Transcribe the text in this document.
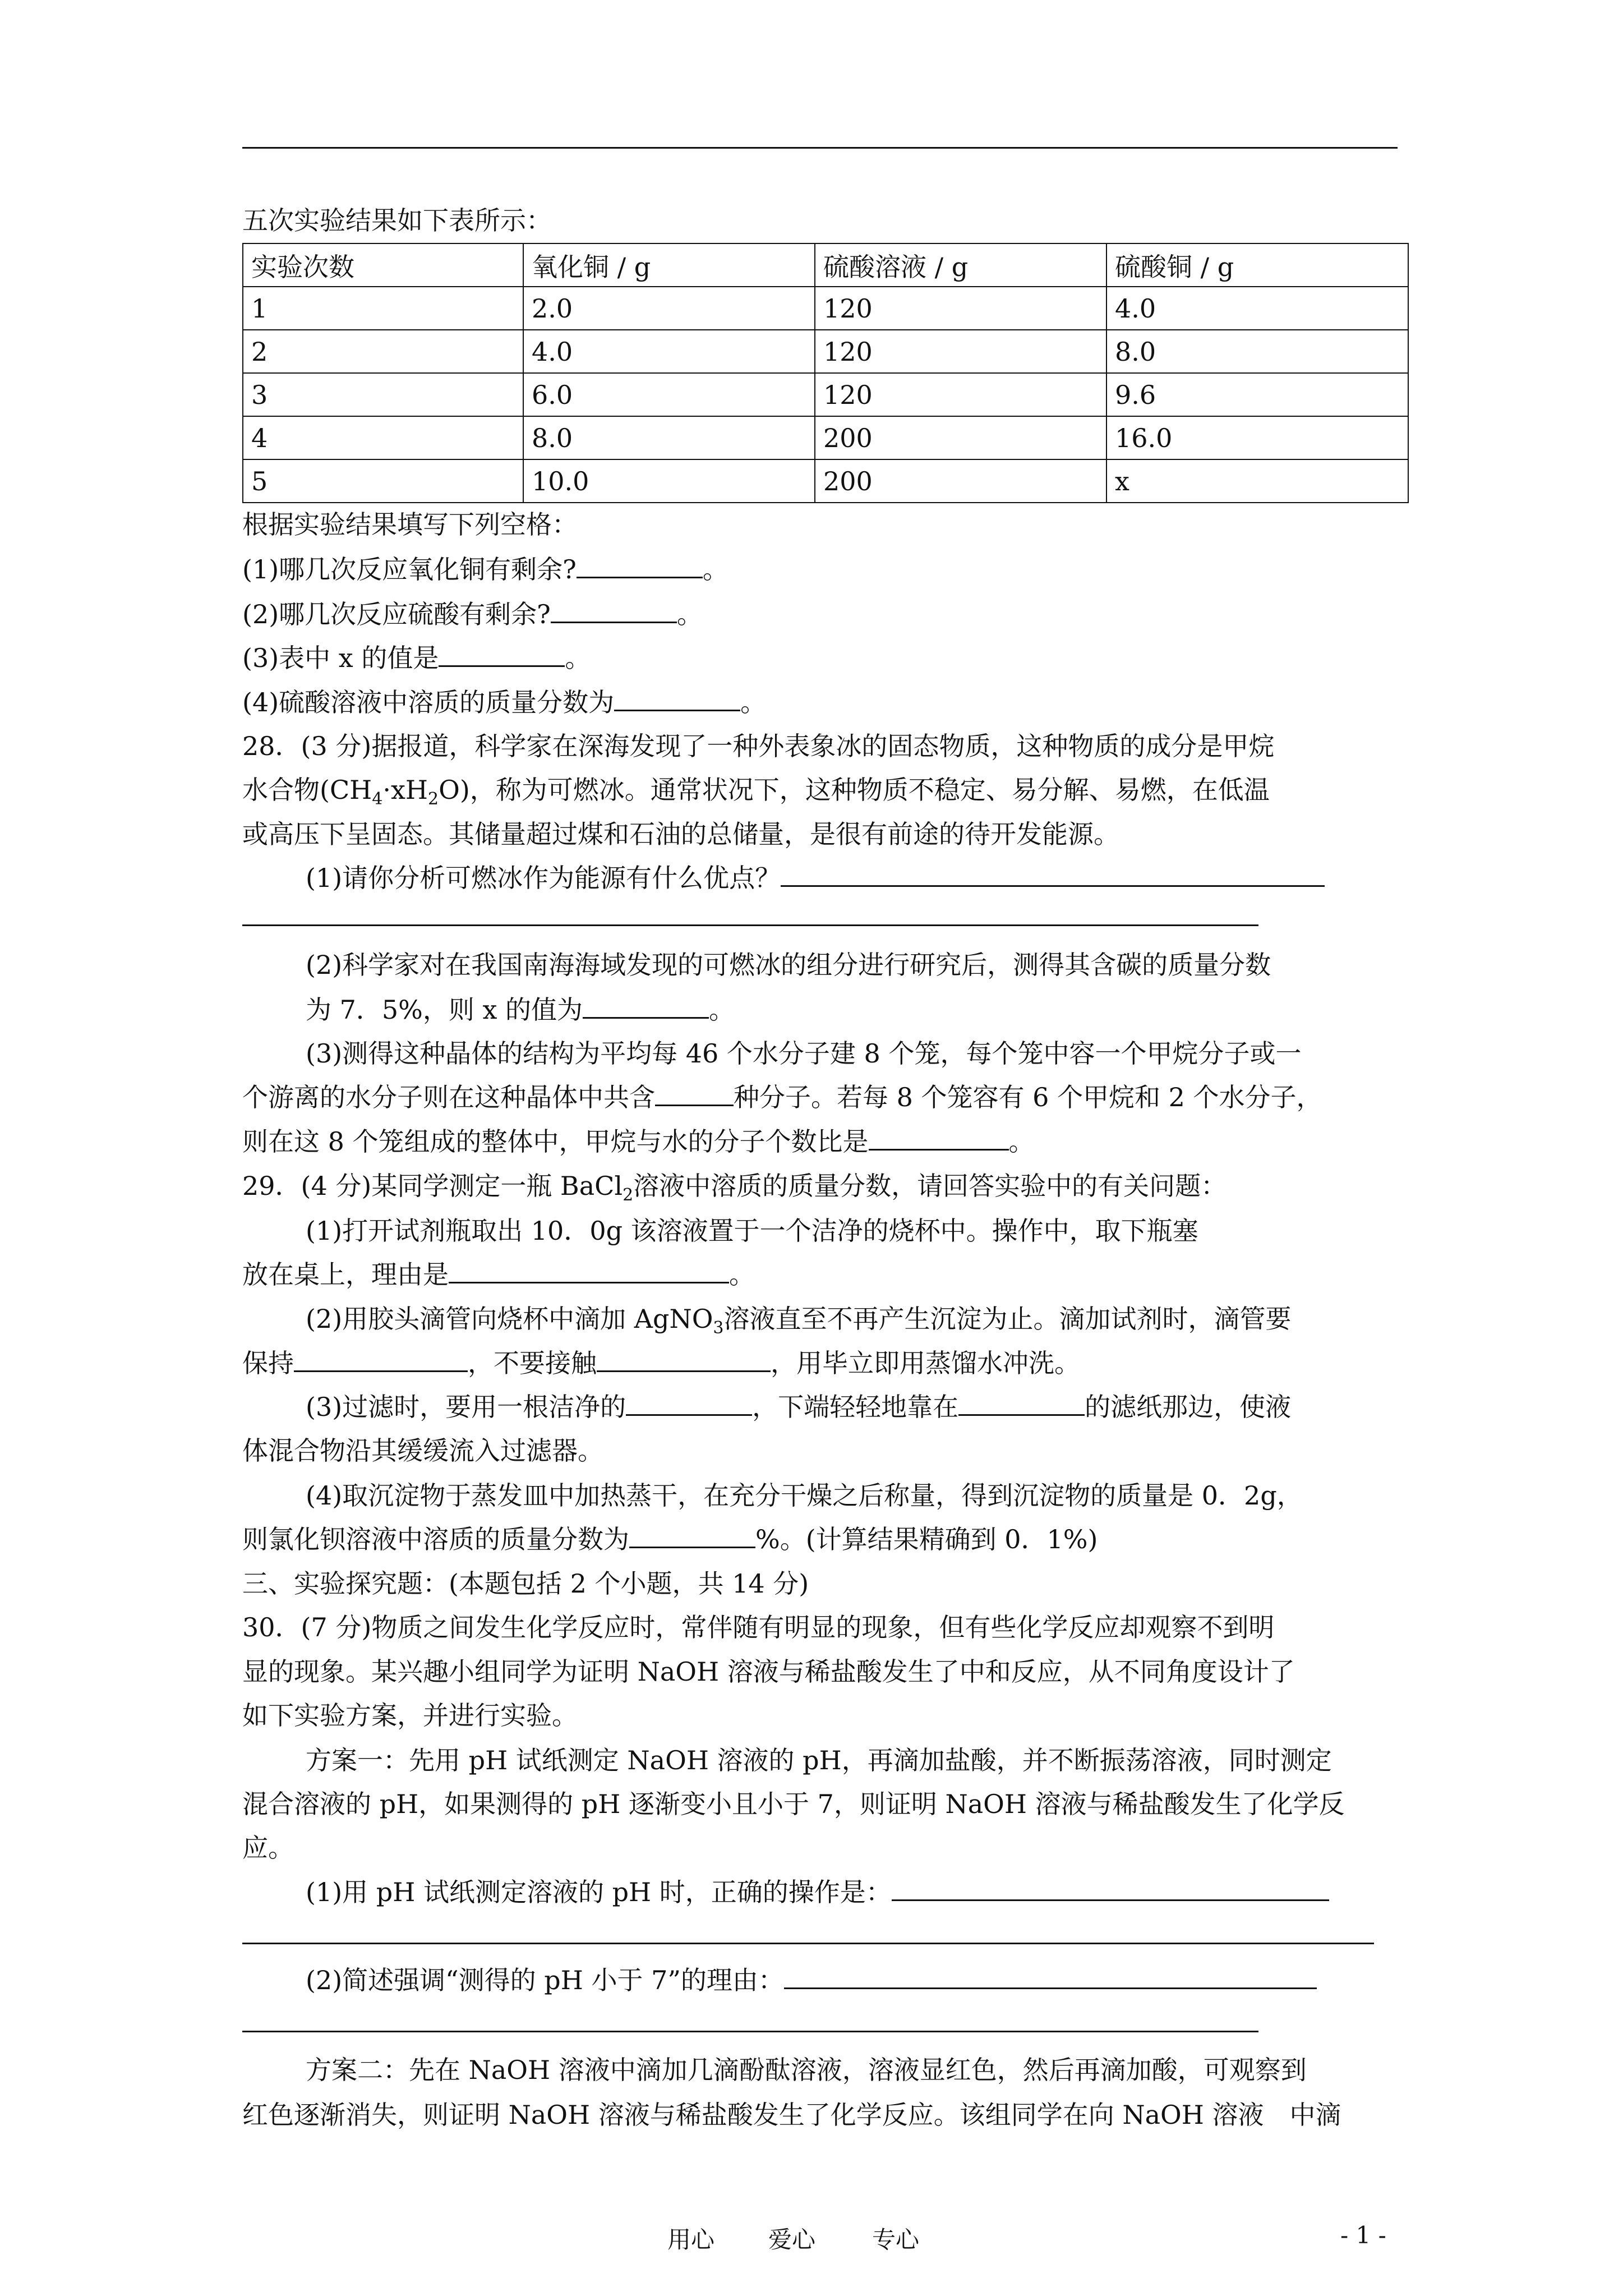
五次实验结果如下表所示：
实验次数	氧化铜 / g	硫酸溶液 / g	硫酸铜 / g
1	2.0	120	4.0
2	4.0	120	8.0
3	6.0	120	9.6
4	8.0	200	16.0
5	10.0	200	x
根据实验结果填写下列空格：
(1)哪几次反应氧化铜有剩余?	。
(2)哪几次反应硫酸有剩余?	。
(3)表中 x 的值是	。
(4)硫酸溶液中溶质的质量分数为	。
28．(3 分)据报道，科学家在深海发现了一种外表象冰的固态物质，这种物质的成分是甲烷
水合物$(CH_4\cdot xH_2O)$，称为可燃冰。通常状况下，这种物质不稳定、易分解、易燃，在低温
或高压下呈固态。其储量超过煤和石油的总储量，是很有前途的待开发能源。
(1)请你分析可燃冰作为能源有什么优点？
(2)科学家对在我国南海海域发现的可燃冰的组分进行研究后，测得其含碳的质量分数
为 7．5%，则 x 的值为	。
(3)测得这种晶体的结构为平均每 46 个水分子建 8 个笼，每个笼中容一个甲烷分子或一
个游离的水分子则在这种晶体中共含	种分子。若每 8 个笼容有 6 个甲烷和 2 个水分子，
则在这 8 个笼组成的整体中，甲烷与水的分子个数比是	。
29．(4 分)某同学测定一瓶 BaCl$_2$溶液中溶质的质量分数，请回答实验中的有关问题：
(1)打开试剂瓶取出 10．0g 该溶液置于一个洁净的烧杯中。操作中，取下瓶塞
放在桌上，理由是	。
(2)用胶头滴管向烧杯中滴加 AgNO$_3$溶液直至不再产生沉淀为止。滴加试剂时，滴管要
保持	，不要接触	，用毕立即用蒸馏水冲洗。
(3)过滤时，要用一根洁净的	，下端轻轻地靠在	的滤纸那边，使液
体混合物沿其缓缓流入过滤器。
(4)取沉淀物于蒸发皿中加热蒸干，在充分干燥之后称量，得到沉淀物的质量是 0．2g，
则氯化钡溶液中溶质的质量分数为	%。(计算结果精确到 0．1%)
三、实验探究题：(本题包括 2 个小题，共 14 分)
30．(7 分)物质之间发生化学反应时，常伴随有明显的现象，但有些化学反应却观察不到明
显的现象。某兴趣小组同学为证明 NaOH 溶液与稀盐酸发生了中和反应，从不同角度设计了
如下实验方案，并进行实验。
方案一：先用 pH 试纸测定 NaOH 溶液的 pH，再滴加盐酸，并不断振荡溶液，同时测定
混合溶液的 pH，如果测得的 pH 逐渐变小且小于 7，则证明 NaOH 溶液与稀盐酸发生了化学反
应。
(1)用 pH 试纸测定溶液的 pH 时，正确的操作是：
(2)简述强调“测得的 pH 小于 7”的理由：
方案二：先在 NaOH 溶液中滴加几滴酚酞溶液，溶液显红色，然后再滴加酸，可观察到
红色逐渐消失，则证明 NaOH 溶液与稀盐酸发生了化学反应。该组同学在向 NaOH 溶液　中滴
用心 爱心 专心	- 1 -
